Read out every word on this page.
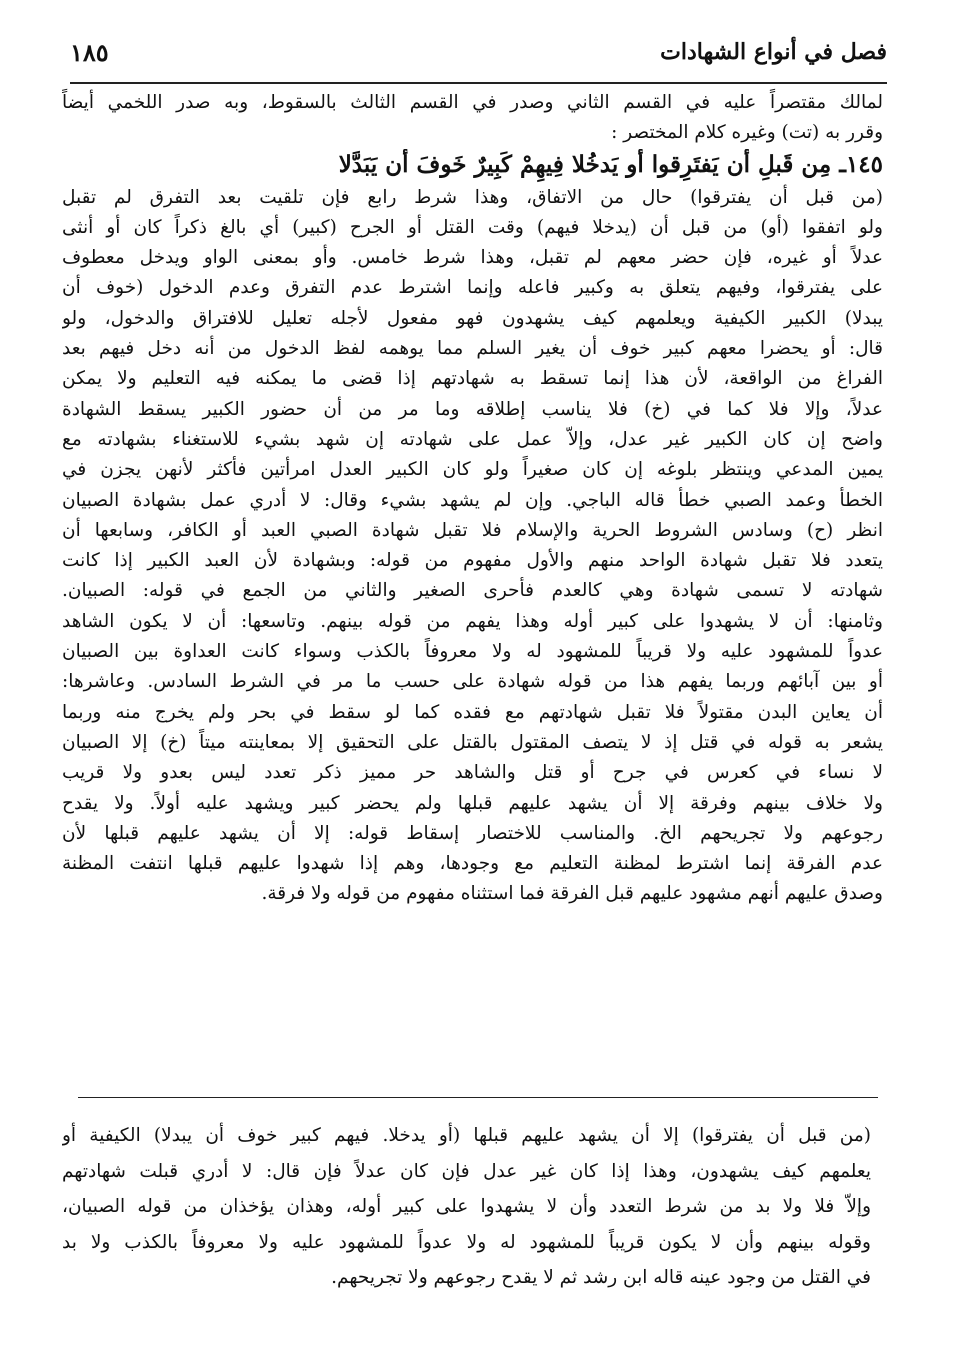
١٨٥	فصل في أنواع الشهادات
لمالك مقتصراً عليه في القسم الثاني وصدر في القسم الثالث بالسقوط، وبه صدر اللخمي أيضاً
وقرر به (تت) وغيره كلام المختصر :
١٤٥ـ مِن قَبلِ أن يَفتَرِقوا أو يَدخُلا فِيهِمْ كَبِيرٌ خَوفَ أن يَبَدَّلا
(من قبل أن يفترقوا) حال من الاتفاق، وهذا شرط رابع فإن تلقيت بعد التفرق لم تقبل
ولو اتفقوا (أو) من قبل أن (يدخلا فيهم) وقت القتل أو الجرح (كبير) أي بالغ ذكراً كان أو أنثى
عدلاً أو غيره، فإن حضر معهم لم تقبل، وهذا شرط خامس. وأو بمعنى الواو ويدخل معطوف
على يفترقوا، وفيهم يتعلق به وكبير فاعله وإنما اشترط عدم التفرق وعدم الدخول (خوف أن
يبدلا) الكبير الكيفية ويعلمهم كيف يشهدون فهو مفعول لأجله تعليل للافتراق والدخول، ولو
قال: أو يحضرا معهم كبير خوف أن يغير السلم مما يوهمه لفظ الدخول من أنه دخل فيهم بعد
الفراغ من الواقعة، لأن هذا إنما تسقط به شهادتهم إذا قضى ما يمكنه فيه التعليم ولا يمكن
عدلاً، وإلا فلا كما في (خ) فلا يناسب إطلاقه وما مر من أن حضور الكبير يسقط الشهادة
واضح إن كان الكبير غير عدل، وإلاّ عمل على شهادته إن شهد بشيء للاستغناء بشهادته مع
يمين المدعي وينتظر بلوغه إن كان صغيراً ولو كان الكبير العدل امرأتين فأكثر لأنهن يجزن في
الخطأ وعمد الصبي خطأ قاله الباجي. وإن لم يشهد بشيء وقال: لا أدري عمل بشهادة الصبيان
انظر (ح) وسادس الشروط الحرية والإسلام فلا تقبل شهادة الصبي العبد أو الكافر، وسابعها أن
يتعدد فلا تقبل شهادة الواحد منهم والأول مفهوم من قوله: وبشهادة لأن العبد الكبير إذا كانت
شهادته لا تسمى شهادة وهي كالعدم فأحرى الصغير والثاني من الجمع في قوله: الصبيان.
وثامنها: أن لا يشهدوا على كبير أوله وهذا يفهم من قوله بينهم. وتاسعها: أن لا يكون الشاهد
عدواً للمشهود عليه ولا قريباً للمشهود له ولا معروفاً بالكذب وسواء كانت العداوة بين الصبيان
أو بين آبائهم وربما يفهم هذا من قوله شهادة على حسب ما مر في الشرط السادس. وعاشرها:
أن يعاين البدن مقتولاً فلا تقبل شهادتهم مع فقده كما لو سقط في بحر ولم يخرج منه وربما
يشعر به قوله في قتل إذ لا يتصف المقتول بالقتل على التحقيق إلا بمعاينته ميتاً (خ) إلا الصبيان
لا نساء في كعرس في جرح أو قتل والشاهد حر مميز ذكر تعدد ليس بعدو ولا قريب
ولا خلاف بينهم وفرقة إلا أن يشهد عليهم قبلها ولم يحضر كبير ويشهد عليه أولاً. ولا يقدح
رجوعهم ولا تجريحهم الخ. والمناسب للاختصار إسقاط قوله: إلا أن يشهد عليهم قبلها لأن
عدم الفرقة إنما اشترط لمظنة التعليم مع وجودها، وهم إذا شهدوا عليهم قبلها انتفت المظنة
وصدق عليهم أنهم مشهود عليهم قبل الفرقة فما استثناه مفهوم من قوله ولا فرقة.
(من قبل أن يفترقوا) إلا أن يشهد عليهم قبلها (أو يدخلا. فيهم كبير خوف أن يبدلا) الكيفية أو
يعلمهم كيف يشهدون، وهذا إذا كان غير عدل فإن كان عدلاً فإن قال: لا أدري قبلت شهادتهم
وإلاّ فلا ولا بد من شرط التعدد وأن لا يشهدوا على كبير أوله، وهذان يؤخذان من قوله الصبيان،
وقوله بينهم وأن لا يكون قريباً للمشهود له ولا عدواً للمشهود عليه ولا معروفاً بالكذب ولا بد
في القتل من وجود عينه قاله ابن رشد ثم لا يقدح رجوعهم ولا تجريحهم.
